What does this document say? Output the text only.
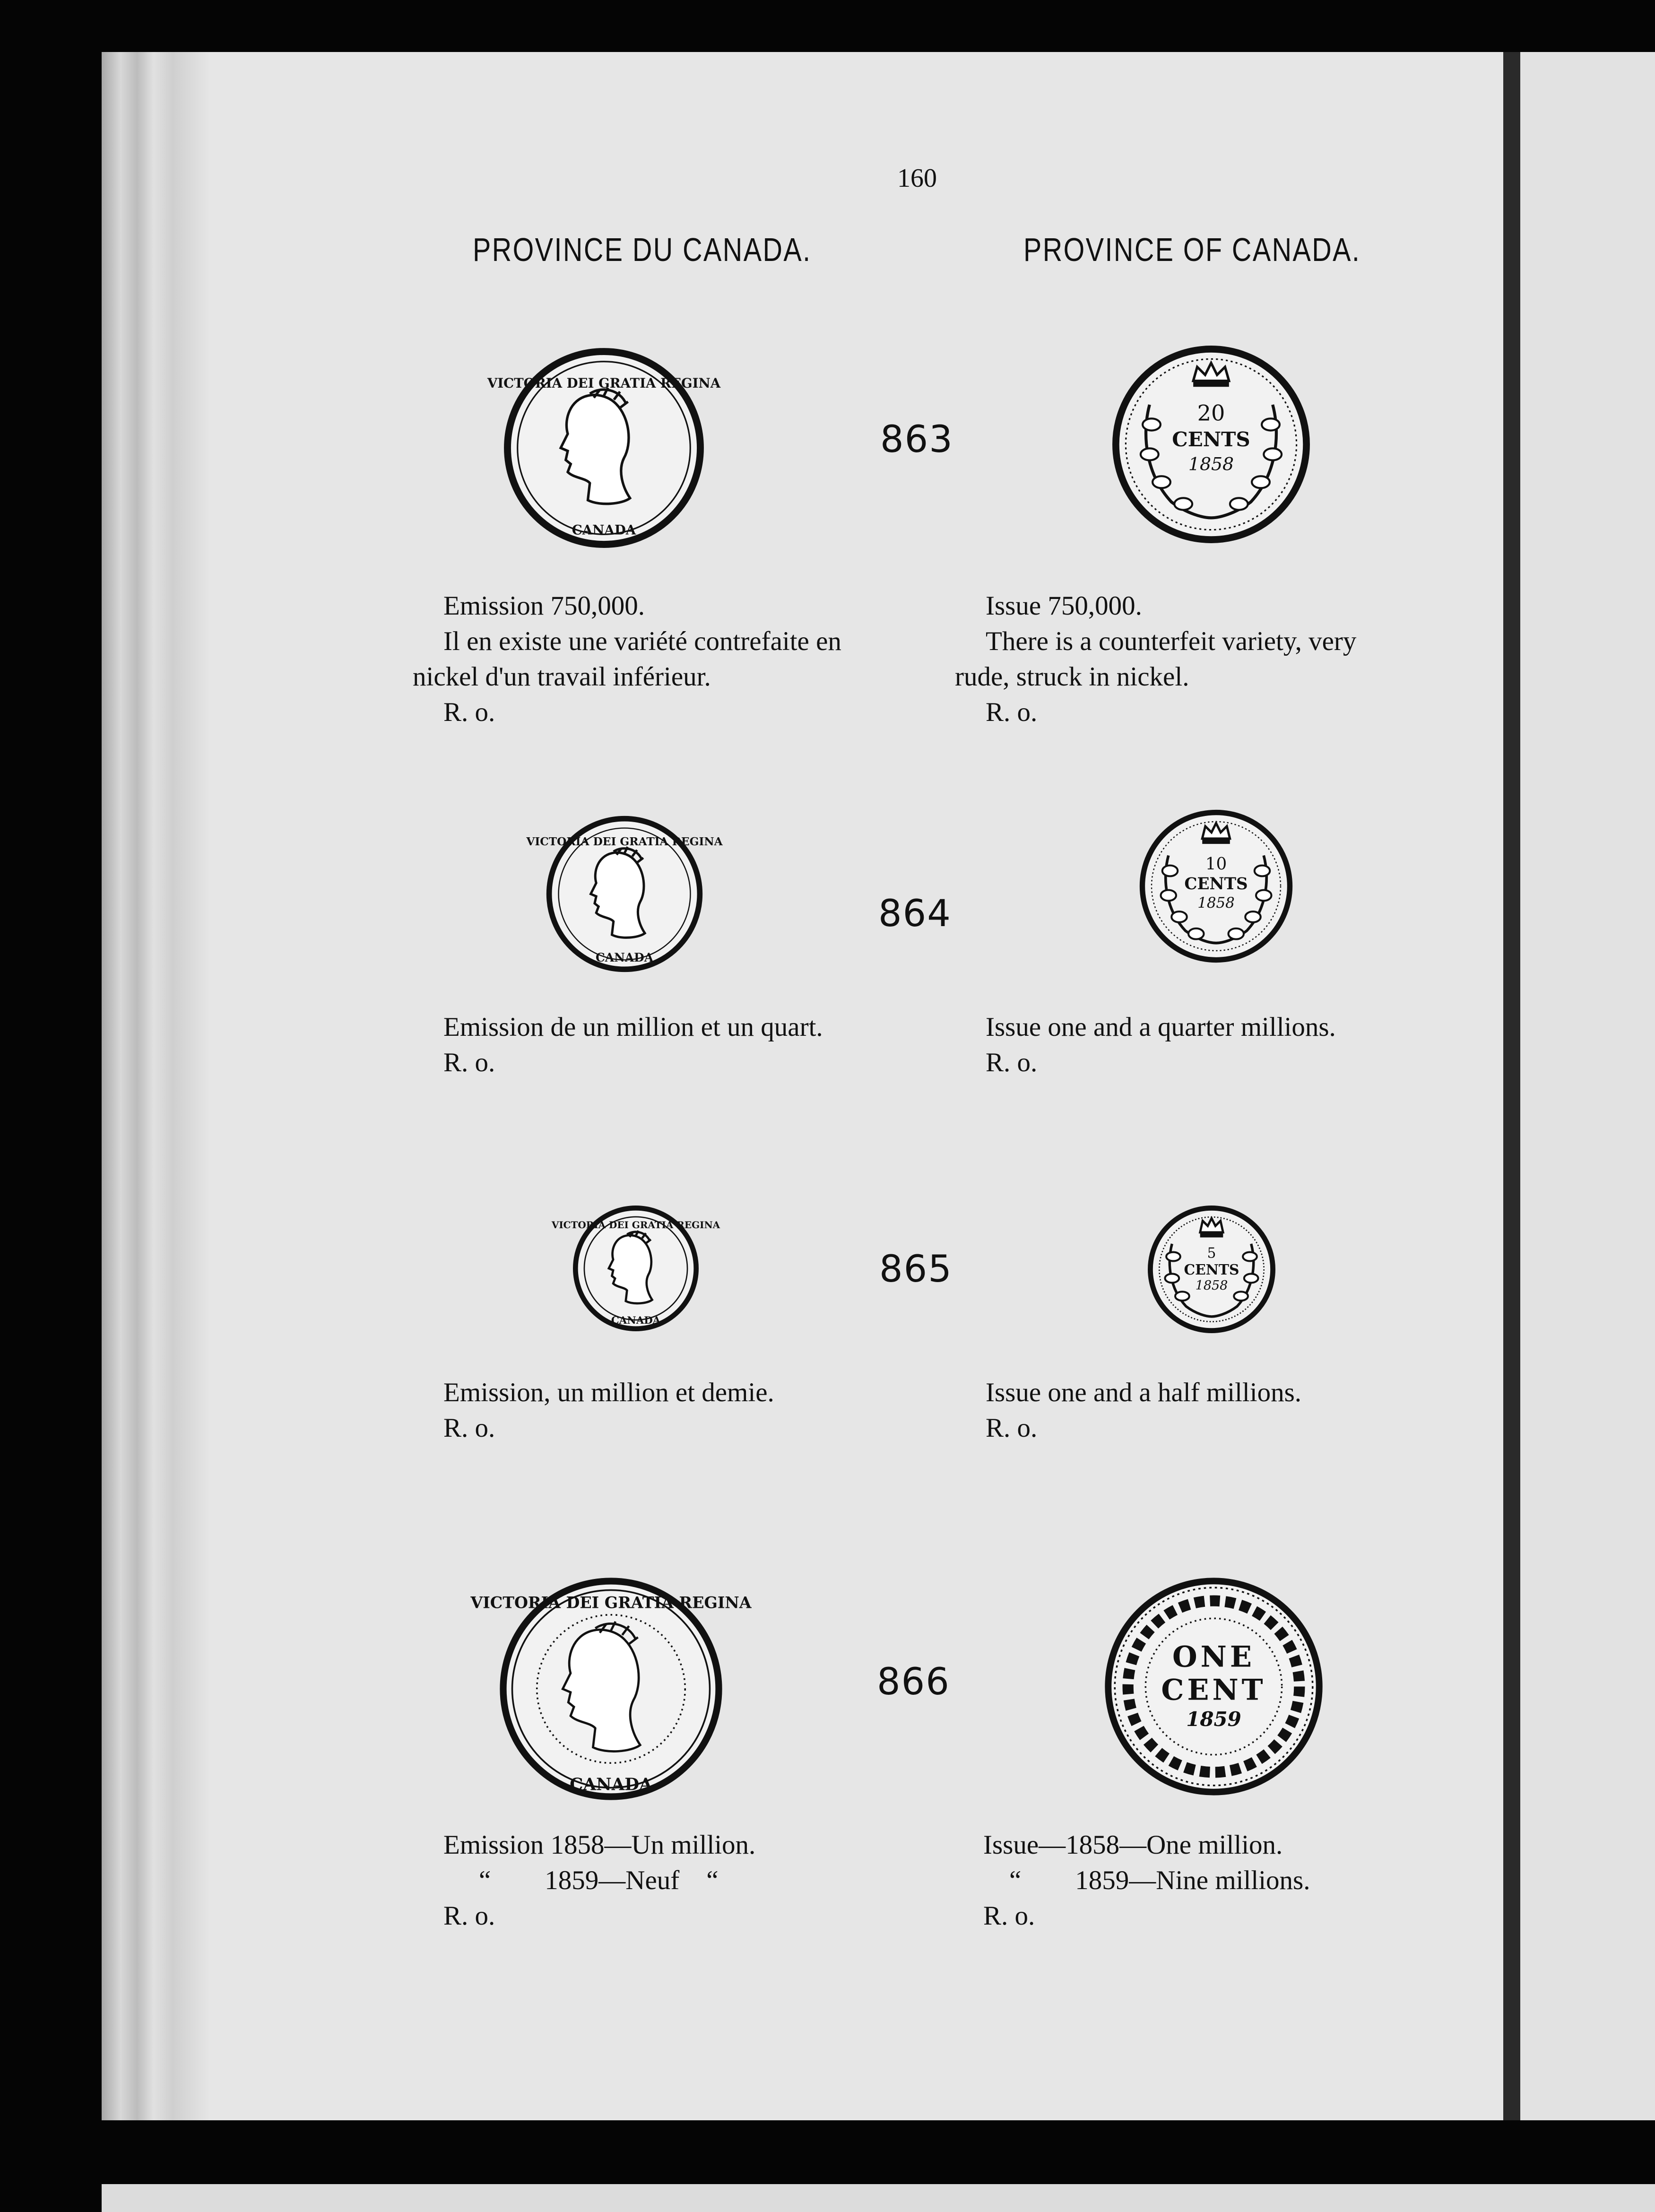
160
PROVINCE DU CANADA.	PROVINCE OF CANADA.
VICTORIA DEI GRATIA REGINA
CANADA
863
20
CENTS
1858
Emission 750,000.
Il en existe une variété contrefaite en
nickel d'un travail inférieur.
R. o.
Issue 750,000.
There is a counterfeit variety, very
rude, struck in nickel.
R. o.
VICTORIA DEI GRATIA REGINA
CANADA
864
10
CENTS
1858
Emission de un million et un quart.
R. o.
Issue one and a quarter millions.
R. o.
VICTORIA DEI GRATIA REGINA
CANADA
865	5
CENTS
1858
Emission, un million et demie.
R. o.
Issue one and a half millions.
R. o.
VICTORIA DEI GRATIA REGINA
CANADA
866
ONE
CENT
1859
Emission 1858—Un million.
“        1859—Neuf    “
R. o.
Issue—1858—One million.
“        1859—Nine millions.
R. o.
